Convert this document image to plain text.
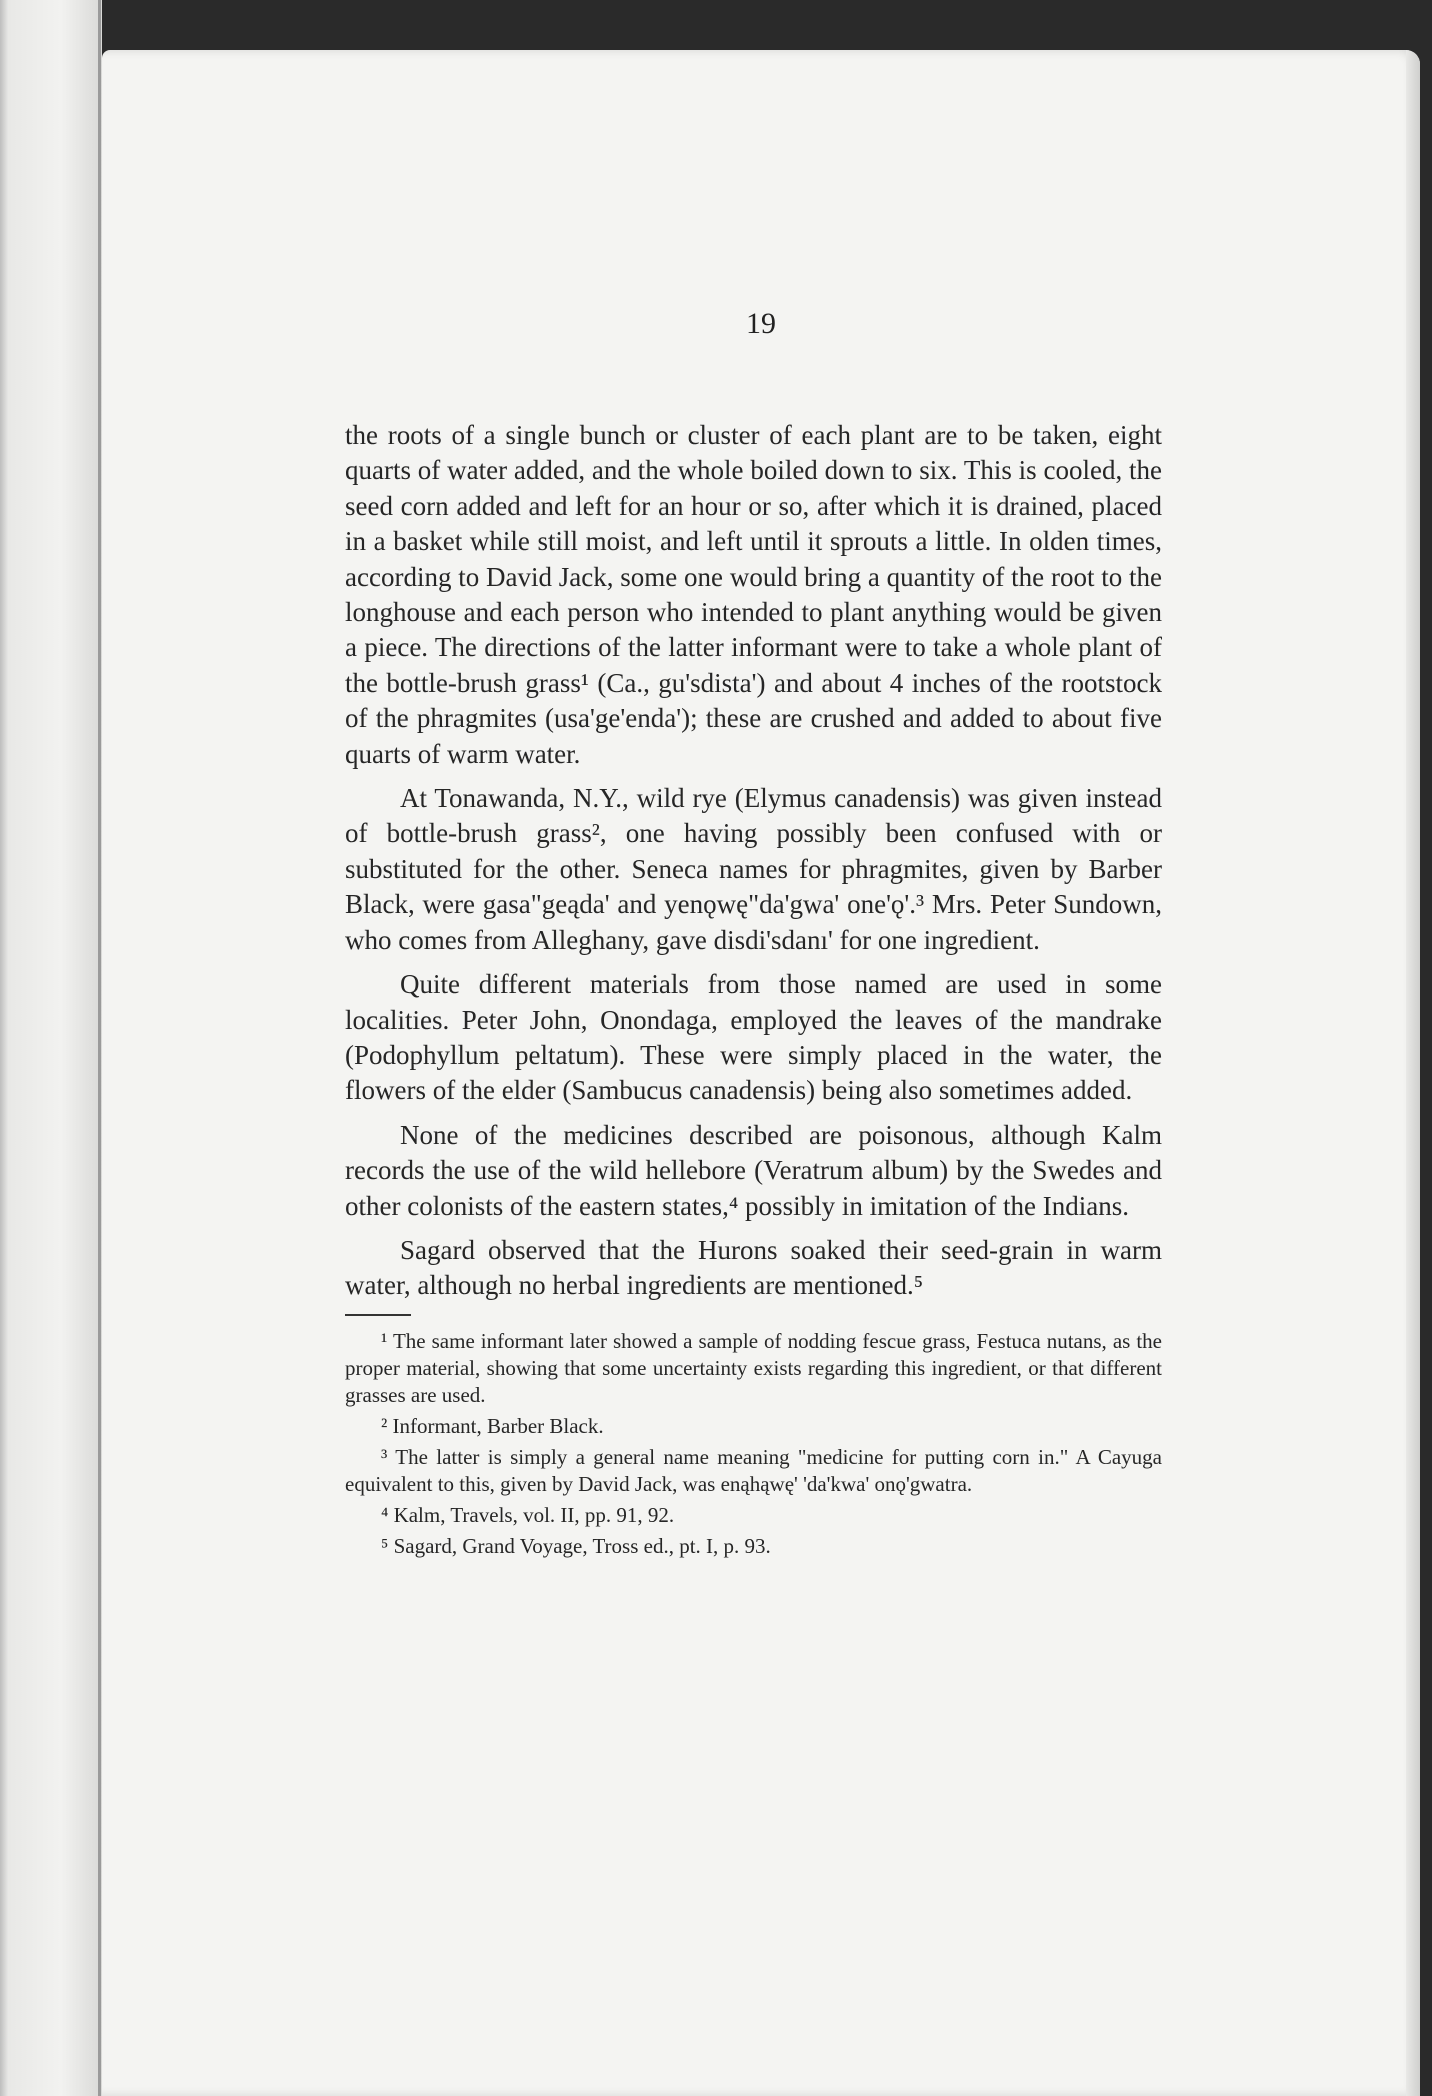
19

the roots of a single bunch or cluster of each plant are to be taken, eight quarts of water added, and the whole boiled down to six. This is cooled, the seed corn added and left for an hour or so, after which it is drained, placed in a basket while still moist, and left until it sprouts a little. In olden times, according to David Jack, some one would bring a quantity of the root to the longhouse and each person who intended to plant anything would be given a piece. The directions of the latter informant were to take a whole plant of the bottle-brush grass¹ (Ca., gu'sdista') and about 4 inches of the rootstock of the phragmites (usa'ge'enda'); these are crushed and added to about five quarts of warm water.

At Tonawanda, N.Y., wild rye (Elymus canadensis) was given instead of bottle-brush grass², one having possibly been confused with or substituted for the other. Seneca names for phragmites, given by Barber Black, were gasa"geąda' and yenǫwę"da'gwa' one'ǫ'.³ Mrs. Peter Sundown, who comes from Alleghany, gave disdi'sdanı' for one ingredient.

Quite different materials from those named are used in some localities. Peter John, Onondaga, employed the leaves of the mandrake (Podophyllum peltatum). These were simply placed in the water, the flowers of the elder (Sambucus canadensis) being also sometimes added.

None of the medicines described are poisonous, although Kalm records the use of the wild hellebore (Veratrum album) by the Swedes and other colonists of the eastern states,⁴ possibly in imitation of the Indians.

Sagard observed that the Hurons soaked their seed-grain in warm water, although no herbal ingredients are mentioned.⁵

¹ The same informant later showed a sample of nodding fescue grass, Festuca nutans, as the proper material, showing that some uncertainty exists regarding this ingredient, or that different grasses are used.

² Informant, Barber Black.

³ The latter is simply a general name meaning "medicine for putting corn in." A Cayuga equivalent to this, given by David Jack, was enąhąwę' 'da'kwa' onǫ'gwatra.

⁴ Kalm, Travels, vol. II, pp. 91, 92.

⁵ Sagard, Grand Voyage, Tross ed., pt. I, p. 93.
